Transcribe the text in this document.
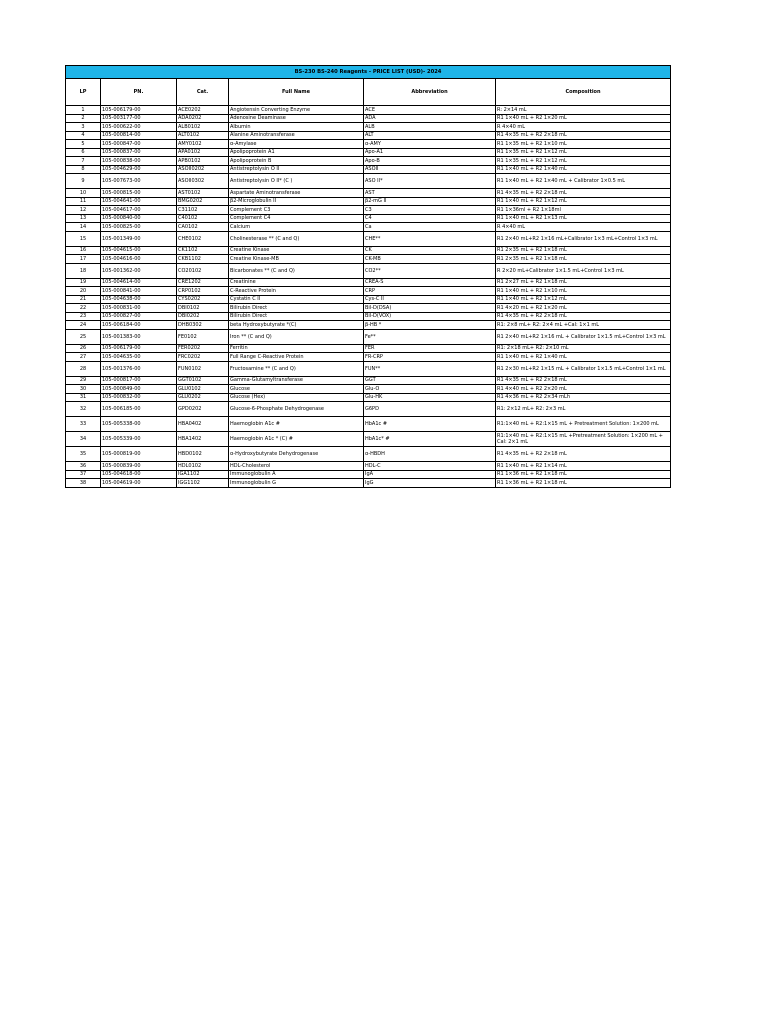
BS-230 BS-240 Reagents - PRICE LIST (USD)- 2024					
LP	PN.	Cat.	Full Name	Abbreviation	Composition
1	105-006179-00	ACE0202	Angiotensin Converting Enzyme	ACE	R: 2×14 mL
2	105-003177-00	ADA0202	Adenosine Deaminase	ADA	R1 1×40 mL + R2 1×20 mL
3	105-000622-00	ALB0102	Albumin	ALB	R 4×40 mL
4	105-000814-00	ALT0102	Alanine Aminotransferase	ALT	R1 4×35 mL + R2 2×18 mL
5	105-000847-00	AMY0102	α-Amylase	α-AMY	R1 1×35 mL + R2 1×10 mL
6	105-000837-00	APA0102	Apolipoprotein A1	Apo-A1	R1 1×35 mL + R2 1×12 mL
7	105-000838-00	APB0102	Apolipoprotein B	Apo-B	R1 1×35 mL + R2 1×12 mL
8	105-004629-00	ASOII0202	Antistreptolysin O II	ASOII	R1 1×40 mL + R2 1×40 mL
9	105-007673-00	ASOII0302	Antistreptolysin O II* (C )	ASO II*	R1 1×40 mL + R2 1×40 mL + Calibrator 1×0.5 mL
10	105-000815-00	AST0102	Aspartate Aminotransferase	AST	R1 4×35 mL + R2 2×18 mL
11	105-004641-00	BMG0202	β2-Microglobulin II	β2-mG II	R1 1×40 mL + R2 1×12 mL
12	105-004617-00	C31102	Complement C3	C3	R1 1×36ml + R2 1×18ml
13	105-000840-00	C40102	Complement C4	C4	R1 1×40 mL + R2 1×13 mL
14	105-000825-00	CA0102	Calcium	Ca	R 4×40 mL
15	105-001349-00	CHE0102	Cholinesterase ** (C and Q)	CHE**	R1 2×40 mL+R2 1×16 mL+Calibrator 1×3 mL+Control 1×3 mL
16	105-004615-00	CK1102	Creatine Kinase	CK	R1 2×35 mL + R2 1×18 mL
17	105-004616-00	CKB1102	Creatine Kinase-MB	CK-MB	R1 2×35 mL + R2 1×18 mL
18	105-001362-00	CO20102	Bicarbonates ** (C and Q)	CO2**	R 2×20 mL+Calibrator 1×1.5 mL+Control 1×3 mL
19	105-004614-00	CRE1202	Creatinine	CREA-S	R1 2×27 mL + R2 1×18 mL
20	105-000841-00	CRP0102	C-Reactive Protein	CRP	R1 1×40 mL + R2 1×10 mL
21	105-004638-00	CYS0202	Cystatin C II	Cys-C II	R1 1×40 mL + R2 1×12 mL
22	105-000831-00	DBI0102	Bilirubin Direct	Bil-D(DSA)	R1 4×20 mL + R2 1×20 mL
23	105-000827-00	DBI0202	Bilirubin Direct	Bil-D(VOX)	R1 4×35 mL + R2 2×18 mL
24	105-006184-00	DHB0302	beta Hydroxybutyrate *(C)	β-HB *	R1: 2×8 mL+ R2: 2×4 mL +Cal: 1×1 mL
25	105-001383-00	FE0102	Iron ** (C and Q)	Fe**	R1 2×40 mL+R2 1×16 mL + Calibrator 1×1.5 mL+Control 1×3 mL
26	105-006179-00	FER0202	Ferritin	FER	R1: 2×18 mL+ R2: 2×10 mL
27	105-004635-00	FRC0202	Full Range C-Reactive Protein	FR-CRP	R1 1×40 mL + R2 1×40 mL
28	105-001376-00	FUN0102	Fructosamine ** (C and Q)	FUN**	R1 2×30 mL+R2 1×15 mL + Calibrator 1×1.5 mL+Control 1×1 mL
29	105-000817-00	GGT0102	Gamma-Glutamyltransferase	GGT	R1 4×35 mL + R2 2×18 mL
30	105-000849-00	GLU0102	Glucose	Glu-O	R1 4×40 mL + R2 2×20 mL
31	105-000832-00	GLU0202	Glucose (Hex)	Glu-HK	R1 4×36 mL + R2 2×34 mLh
32	105-006185-00	GPD0202	Glucose-6-Phosphate Dehydrogenase	G6PD	R1: 2×12 mL+ R2: 2×3 mL
33	105-005338-00	HBA0402	Haemoglobin A1c #	HbA1c #	R1:1×40 mL + R2:1×15 mL + Pretreatment Solution: 1×200 mL
34	105-005339-00	HBA1402	Haemoglobin A1c * (C) #	HbA1c* #	R1:1×40 mL + R2:1×15 mL +Pretreatment Solution: 1×200 mL + Cal: 2×1 mL
35	105-000819-00	HBD0102	α-Hydroxybutyrate Dehydrogenase	α-HBDH	R1 4×35 mL + R2 2×18 mL
36	105-000839-00	HDL0102	HDL-Cholesterol	HDL-C	R1 1×40 mL + R2 1×14 mL
37	105-004618-00	IGA1102	Immunoglobulin A	IgA	R1 1×36 mL + R2 1×18 mL
38	105-004619-00	IGG1102	Immunoglobulin G	IgG	R1 1×36 mL + R2 1×18 mL
